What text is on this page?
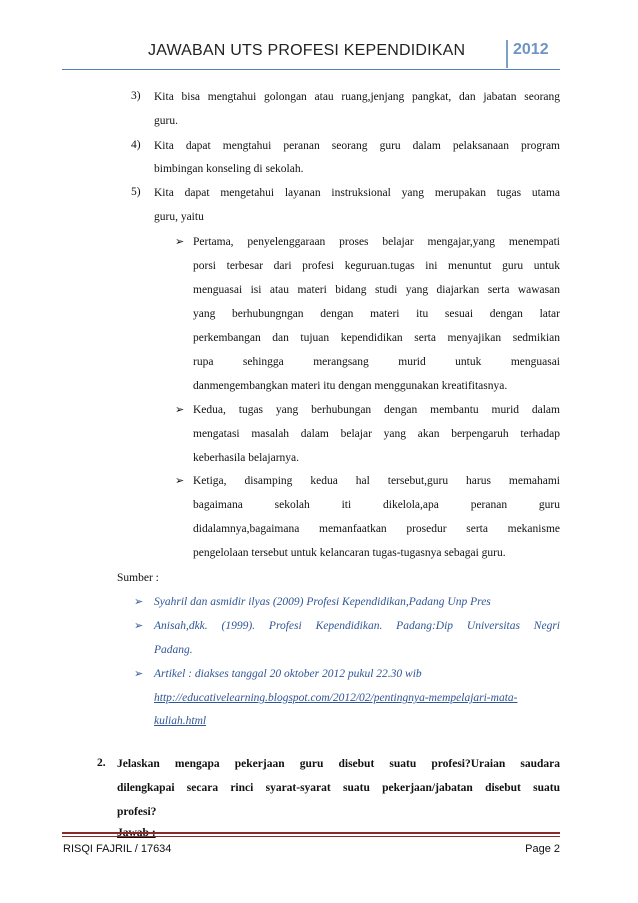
JAWABAN UTS PROFESI KEPENDIDIKAN	2012
3) Kita bisa mengtahui golongan atau ruang,jenjang pangkat, dan jabatan seorang
guru.
4) Kita dapat mengtahui peranan seorang guru dalam pelaksanaan program
bimbingan konseling di sekolah.
5) Kita dapat mengetahui layanan instruksional yang merupakan tugas utama
guru, yaitu
➢ Pertama, penyelenggaraan proses belajar mengajar,yang menempati
porsi terbesar dari profesi keguruan.tugas ini menuntut guru untuk
menguasai isi atau materi bidang studi yang diajarkan serta wawasan
yang berhubungngan dengan materi itu sesuai dengan latar
perkembangan dan tujuan kependidikan serta menyajikan sedmikian
rupa sehingga merangsang murid untuk menguasai
danmengembangkan materi itu dengan menggunakan kreatifitasnya.
➢ Kedua, tugas yang berhubungan dengan membantu murid dalam
mengatasi masalah dalam belajar yang akan berpengaruh terhadap
keberhasila belajarnya.
➢ Ketiga, disamping kedua hal tersebut,guru harus memahami
bagaimana sekolah iti dikelola,apa peranan guru
didalamnya,bagaimana memanfaatkan prosedur serta mekanisme
pengelolaan tersebut untuk kelancaran tugas-tugasnya sebagai guru.
Sumber :
➢ Syahril dan asmidir ilyas (2009) Profesi Kependidikan,Padang Unp Pres
➢ Anisah,dkk. (1999). Profesi Kependidikan. Padang:Dip Universitas Negri
Padang.
➢ Artikel : diakses tanggal 20 oktober 2012 pukul 22.30 wib
http://educativelearning.blogspot.com/2012/02/pentingnya-mempelajari-mata-
kuliah.html
2. Jelaskan mengapa pekerjaan guru disebut suatu profesi?Uraian saudara
dilengkapai secara rinci syarat-syarat suatu pekerjaan/jabatan disebut suatu
profesi?
RISQI FAJRIL / 17634	Page 2
